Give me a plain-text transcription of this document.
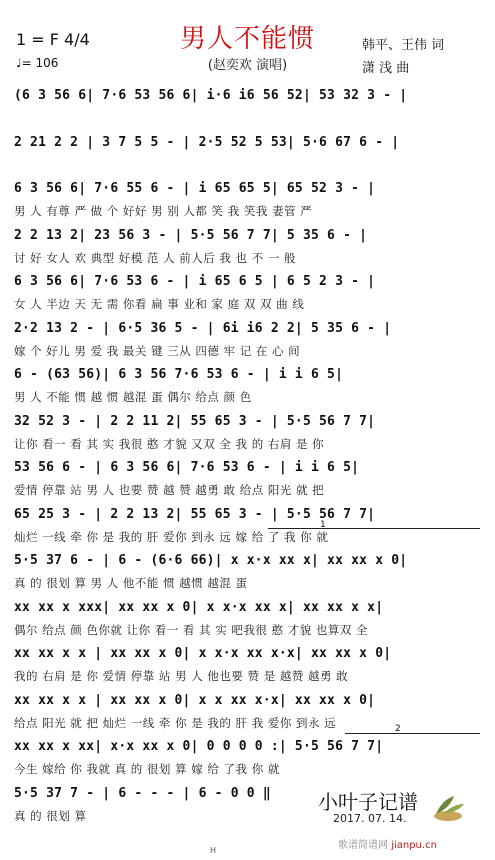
男人不能惯
(赵奕欢 演唱)
1 = F 4/4
♩= 106
韩平、王伟 词
潇 浅 曲
(6 3 56 6| 7·6 53 56 6| i·6 i6 56 52| 53 32 3 - |
2 21 2 2 | 3 7 5 5 - | 2·5 52 5 53| 5·6 67 6 - |
6 3 56 6| 7·6 55 6 - | i 65 65 5| 65 52 3 - |
男 人 有尊 严 做 个 好好 男 别 人都 笑 我 笑我 妻管 严
2 2 13 2| 23 56 3 - | 5·5 56 7 7| 5 35 6 - |
讨 好 女人 欢 典型 好模 范 人 前人后 我 也 不 一 般
6 3 56 6| 7·6 53 6 - | i 65 6 5 | 6 5 2 3 - |
女 人 半边 天 无 需 你看 扁 事 业和 家 庭 双 双 曲 线
2·2 13 2 - | 6·5 36 5 - | 6i i6 2 2| 5 35 6 - |
嫁 个 好儿 男 爱 我 最关 键 三从 四德 牢 记 在 心 间
6 - (63 56)| 6 3 56 7·6 53 6 - | i i 6 5|
男 人 不能 惯 越 惯 越混 蛋 偶尔 给点 颜 色
32 52 3 - | 2 2 11 2| 55 65 3 - | 5·5 56 7 7|
让你 看一 看 其 实 我很 憨 才貌 又双 全 我 的 右肩 是 你
53 56 6 - | 6 3 56 6| 7·6 53 6 - | i i 6 5|
爱情 停靠 站 男 人 也要 赞 越 赞 越勇 敢 给点 阳光 就 把
65 25 3 - | 2 2 13 2| 55 65 3 - | 5·5 56 7 7|
灿烂 一线 牵 你 是 我的 肝 爱你 到永 远 嫁 给 了 我 你 就
5·5 37 6 - | 6 - (6·6 66)| x x·x xx x| xx xx x 0|
真 的 很划 算 男 人 他不能 惯 越惯 越混 蛋
xx xx x xxx| xx xx x 0| x x·x xx x| xx xx x x|
偶尔 给点 颜 色你就 让你 看一 看 其 实 吧我很 憨 才貌 也算双 全
xx xx x x | xx xx x 0| x x·x xx x·x| xx xx x 0|
我的 右肩 是 你 爱情 停靠 站 男 人 他也要 赞 是 越赞 越勇 敢
xx xx x x | xx xx x 0| x x xx x·x| xx xx x 0|
给点 阳光 就 把 灿烂 一线 牵 你 是 我的 肝 我 爱你 到永 远
xx xx x xx| x·x xx x 0| 0 0 0 0 :| 5·5 56 7 7|
今生 嫁给 你 我就 真 的 很划 算 嫁 给 了我 你 就
5·5 37 7 - | 6 - - - | 6 - 0 0 ‖
真 的 很划 算
1
2
小叶子记谱
2017. 07. 14.
歌谱简谱网 jianpu.cn
H
